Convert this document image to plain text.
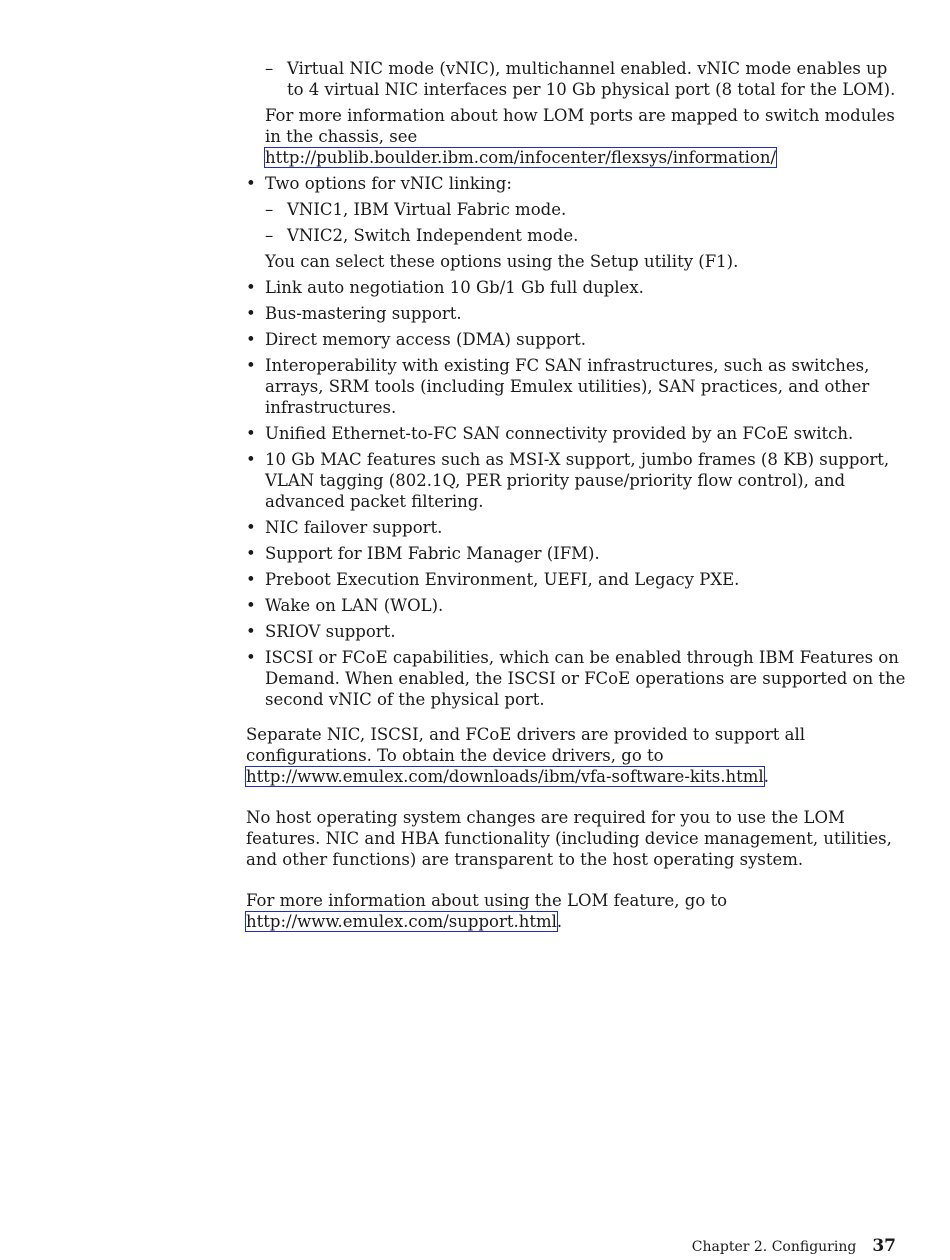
– Virtual NIC mode (vNIC), multichannel enabled. vNIC mode enables up to 4 virtual NIC interfaces per 10 Gb physical port (8 total for the LOM).

For more information about how LOM ports are mapped to switch modules in the chassis, see http://publib.boulder.ibm.com/infocenter/flexsys/information/

• Two options for vNIC linking:

– VNIC1, IBM Virtual Fabric mode.

– VNIC2, Switch Independent mode.

You can select these options using the Setup utility (F1).

• Link auto negotiation 10 Gb/1 Gb full duplex.

• Bus-mastering support.

• Direct memory access (DMA) support.

• Interoperability with existing FC SAN infrastructures, such as switches, arrays, SRM tools (including Emulex utilities), SAN practices, and other infrastructures.

• Unified Ethernet-to-FC SAN connectivity provided by an FCoE switch.

• 10 Gb MAC features such as MSI-X support, jumbo frames (8 KB) support, VLAN tagging (802.1Q, PER priority pause/priority flow control), and advanced packet filtering.

• NIC failover support.

• Support for IBM Fabric Manager (IFM).

• Preboot Execution Environment, UEFI, and Legacy PXE.

• Wake on LAN (WOL).

• SRIOV support.

• ISCSI or FCoE capabilities, which can be enabled through IBM Features on Demand. When enabled, the ISCSI or FCoE operations are supported on the second vNIC of the physical port.

Separate NIC, ISCSI, and FCoE drivers are provided to support all configurations. To obtain the device drivers, go to http://www.emulex.com/downloads/ibm/vfa-software-kits.html.

No host operating system changes are required for you to use the LOM features. NIC and HBA functionality (including device management, utilities, and other functions) are transparent to the host operating system.

For more information about using the LOM feature, go to http://www.emulex.com/support.html.

Chapter 2. Configuring 37
